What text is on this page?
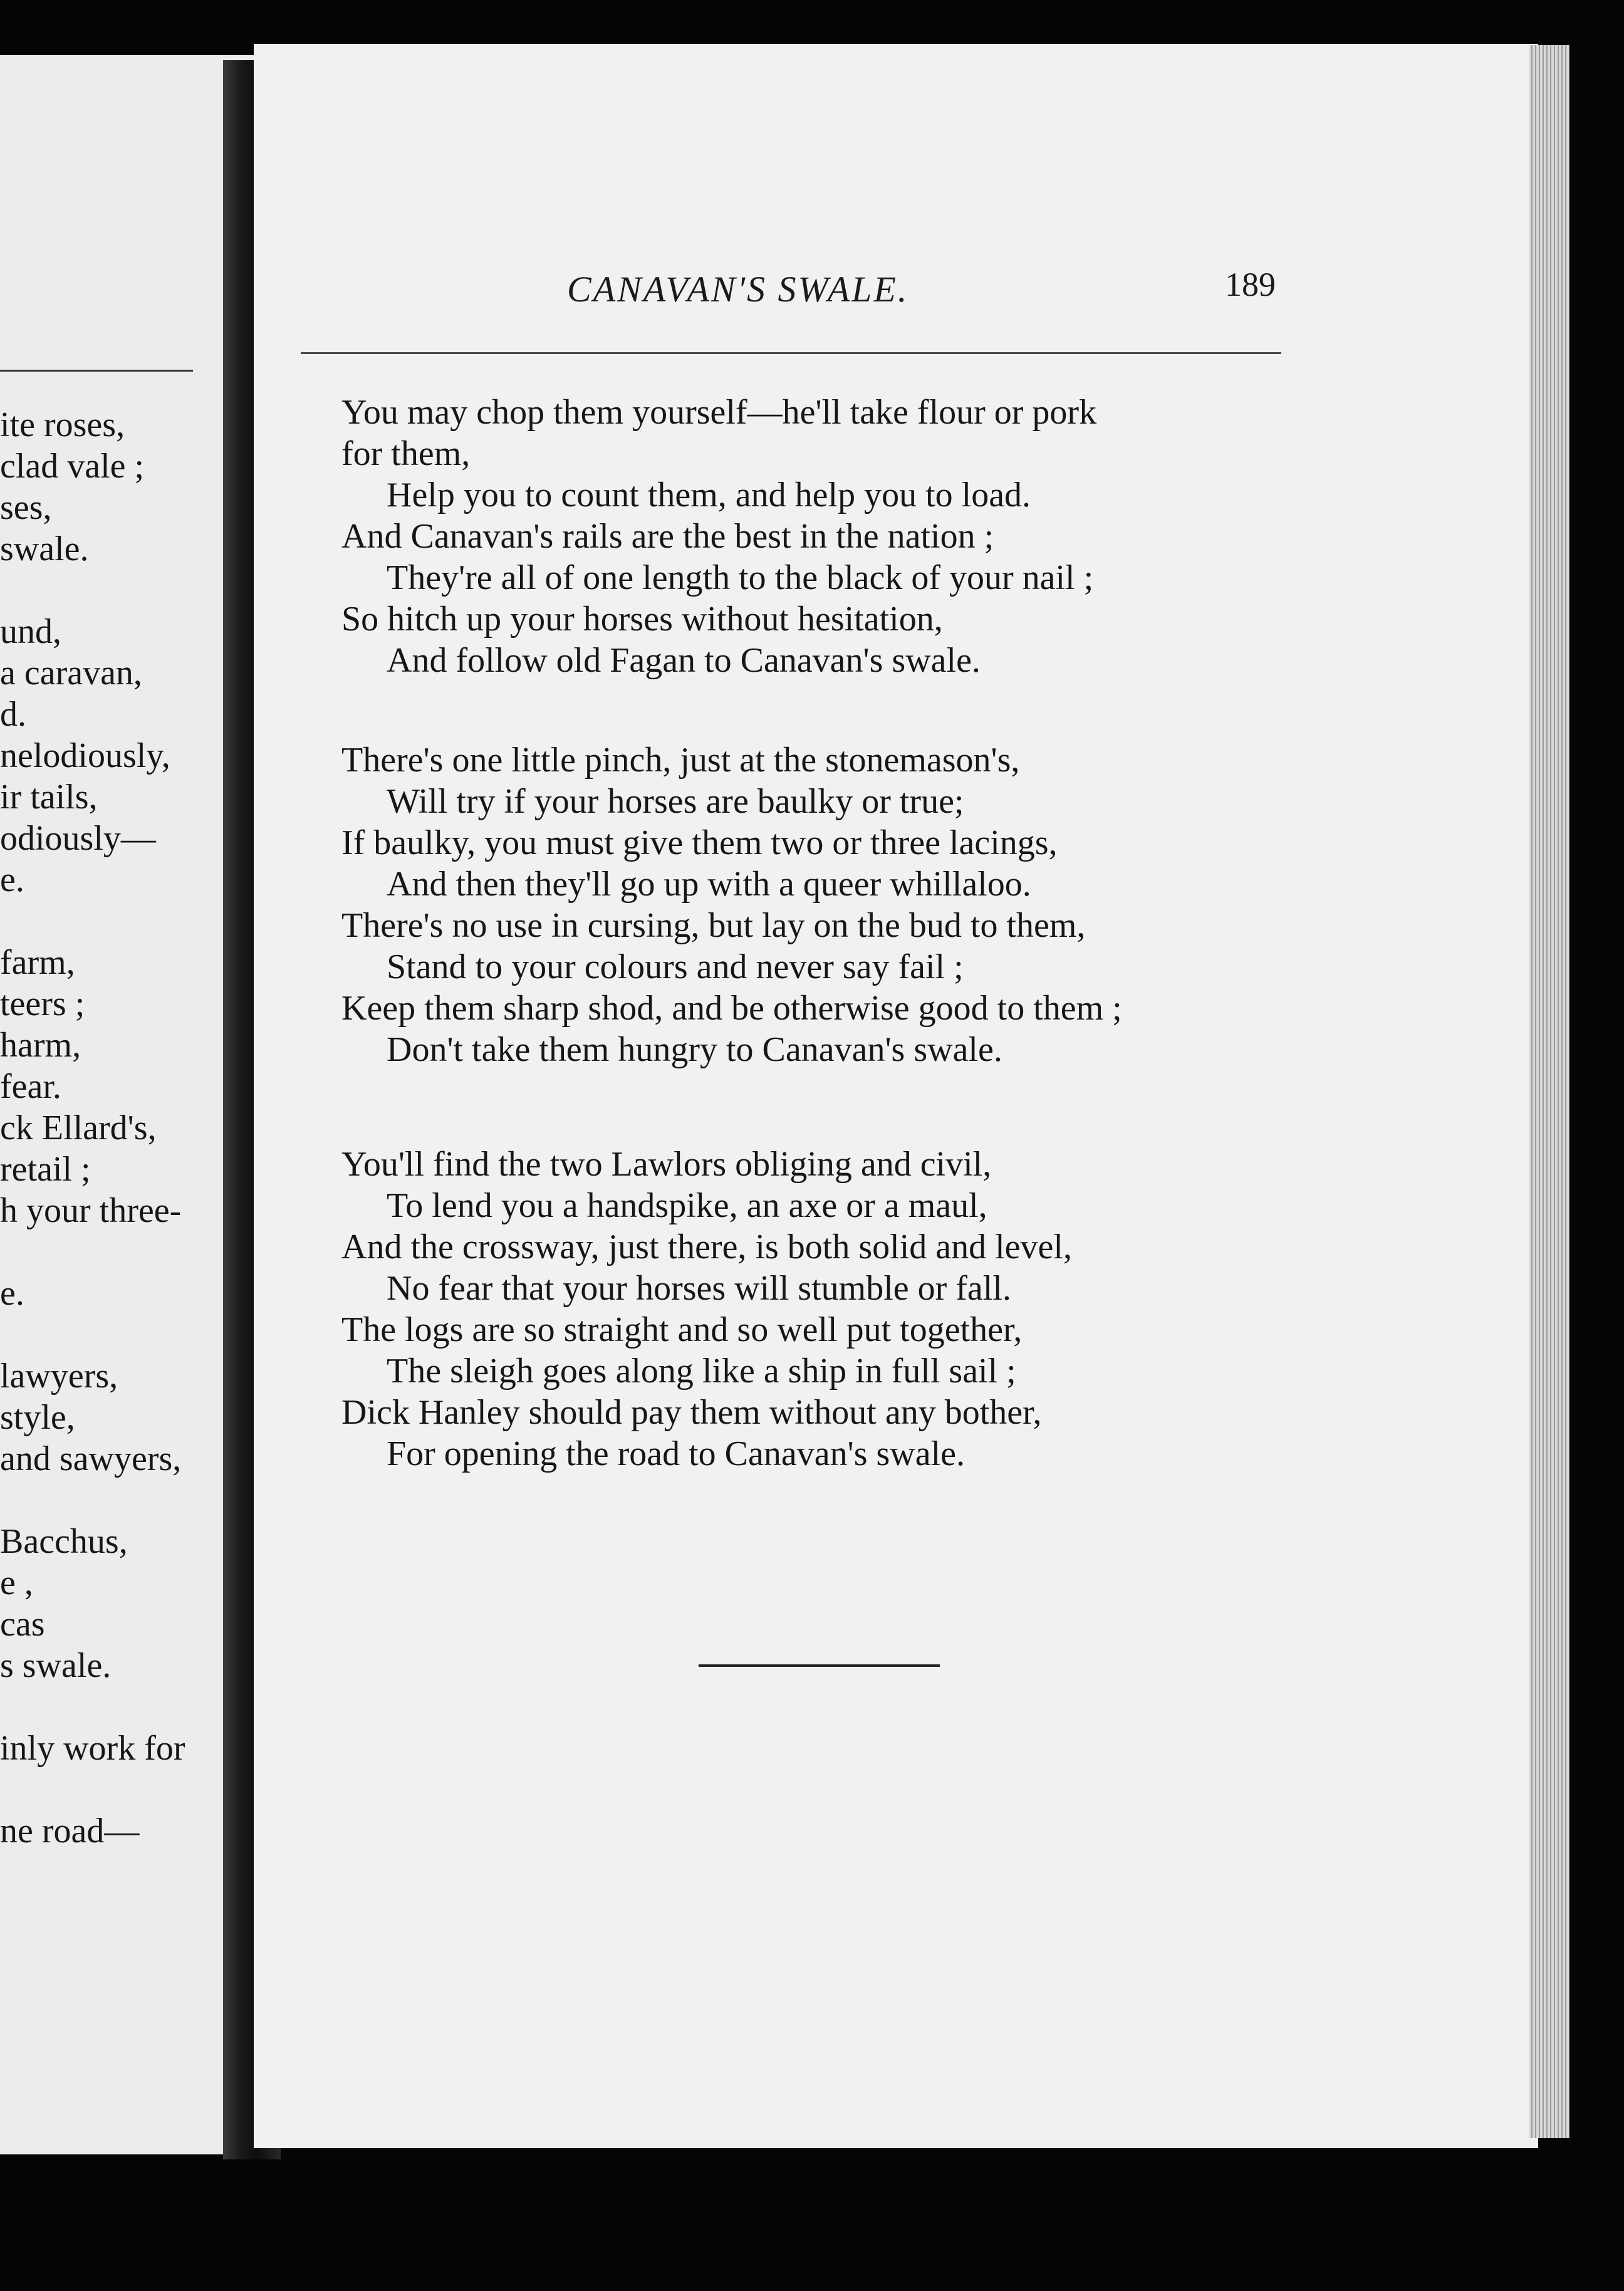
ite roses,
clad vale ;
ses,
swale.
und,
a caravan,
d.
nelodiously,
ir tails,
odiously—
e.
farm,
teers ;
harm,
fear.
ck Ellard's,
retail ;
h your three-
e.
lawyers,
style,
and sawyers,
Bacchus,
e ,
cas
s swale.
inly work for
ne road—
CANAVAN'S SWALE.	189
You may chop them yourself—he'll take flour or pork
for them,
Help you to count them, and help you to load.
And Canavan's rails are the best in the nation ;
They're all of one length to the black of your nail ;
So hitch up your horses without hesitation,
And follow old Fagan to Canavan's swale.
There's one little pinch, just at the stonemason's,
Will try if your horses are baulky or true;
If baulky, you must give them two or three lacings,
And then they'll go up with a queer whillaloo.
There's no use in cursing, but lay on the bud to them,
Stand to your colours and never say fail ;
Keep them sharp shod, and be otherwise good to them ;
Don't take them hungry to Canavan's swale.
You'll find the two Lawlors obliging and civil,
To lend you a handspike, an axe or a maul,
And the crossway, just there, is both solid and level,
No fear that your horses will stumble or fall.
The logs are so straight and so well put together,
The sleigh goes along like a ship in full sail ;
Dick Hanley should pay them without any bother,
For opening the road to Canavan's swale.
